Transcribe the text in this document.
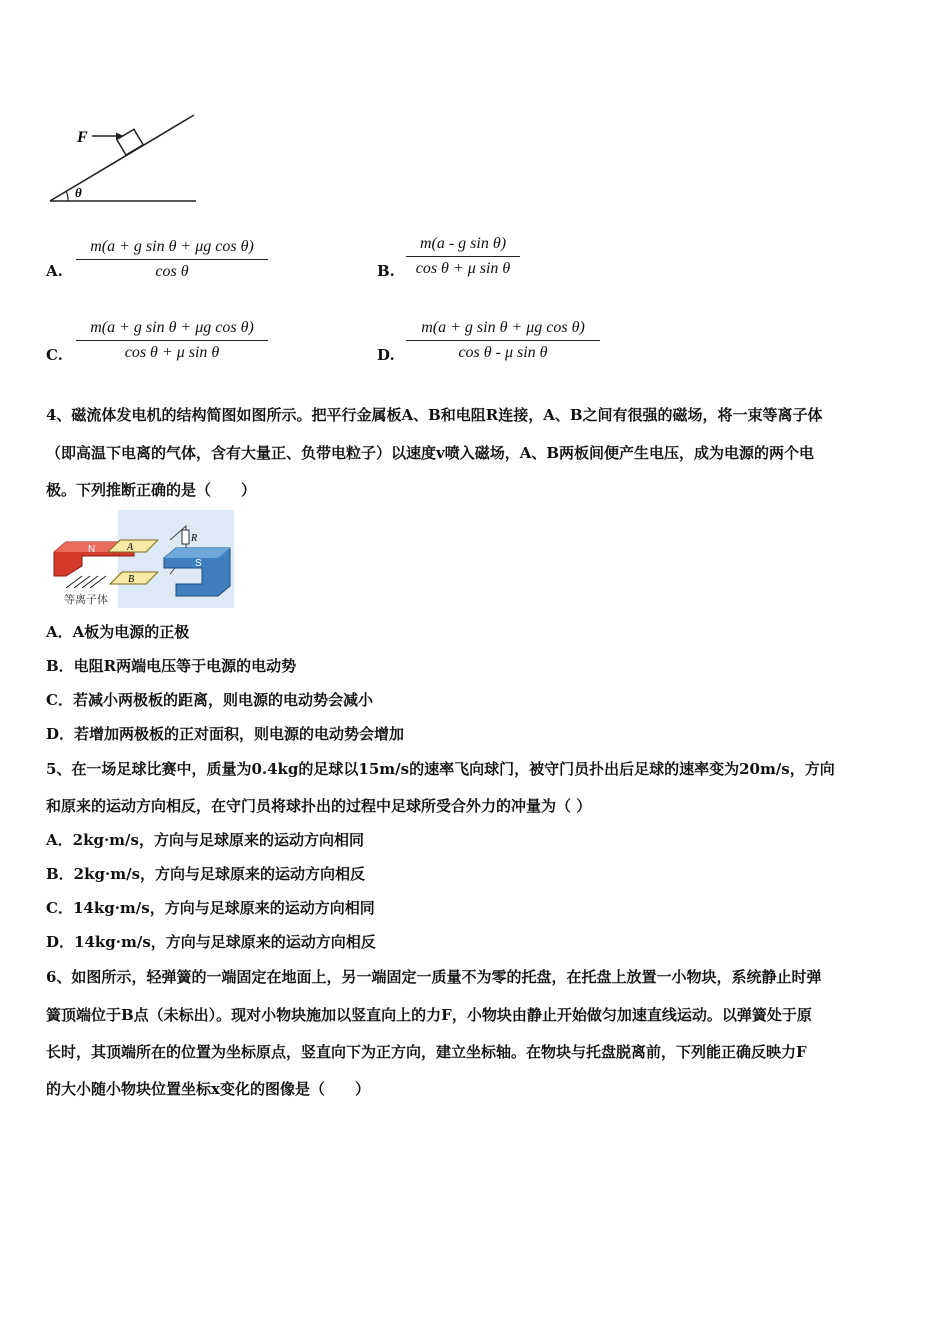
F
θ
A. $\frac{\text{m(a + g sin θ + μg cos θ)}}{\text{cos θ}}$	B. $\frac{\text{m(a - g sin θ)}}{\text{cos θ + μ sin θ}}$
C. $\frac{\text{m(a + g sin θ + μg cos θ)}}{\text{cos θ + μ sin θ}}$	D. $\frac{\text{m(a + g sin θ + μg cos θ)}}{\text{cos θ - μ sin θ}}$
4、磁流体发电机的结构简图如图所示。把平行金属板A、B和电阻R连接，A、B之间有很强的磁场，将一束等离子体
（即高温下电离的气体，含有大量正、负带电粒子）以速度v喷入磁场，A、B两板间便产生电压，成为电源的两个电
极。下列推断正确的是（　　）
R
N	A
B
S
等离子体
A．A板为电源的正极
B．电阻R两端电压等于电源的电动势
C．若减小两极板的距离，则电源的电动势会减小
D．若增加两极板的正对面积，则电源的电动势会增加
5、在一场足球比赛中，质量为0.4kg的足球以15m/s的速率飞向球门，被守门员扑出后足球的速率变为20m/s，方向
和原来的运动方向相反，在守门员将球扑出的过程中足球所受合外力的冲量为（ ）
A．2kg·m/s，方向与足球原来的运动方向相同
B．2kg·m/s，方向与足球原来的运动方向相反
C．14kg·m/s，方向与足球原来的运动方向相同
D．14kg·m/s，方向与足球原来的运动方向相反
6、如图所示，轻弹簧的一端固定在地面上，另一端固定一质量不为零的托盘，在托盘上放置一小物块，系统静止时弹
簧顶端位于B点（未标出）。现对小物块施加以竖直向上的力F，小物块由静止开始做匀加速直线运动。以弹簧处于原
长时，其顶端所在的位置为坐标原点，竖直向下为正方向，建立坐标轴。在物块与托盘脱离前，下列能正确反映力F
的大小随小物块位置坐标x变化的图像是（　　）
